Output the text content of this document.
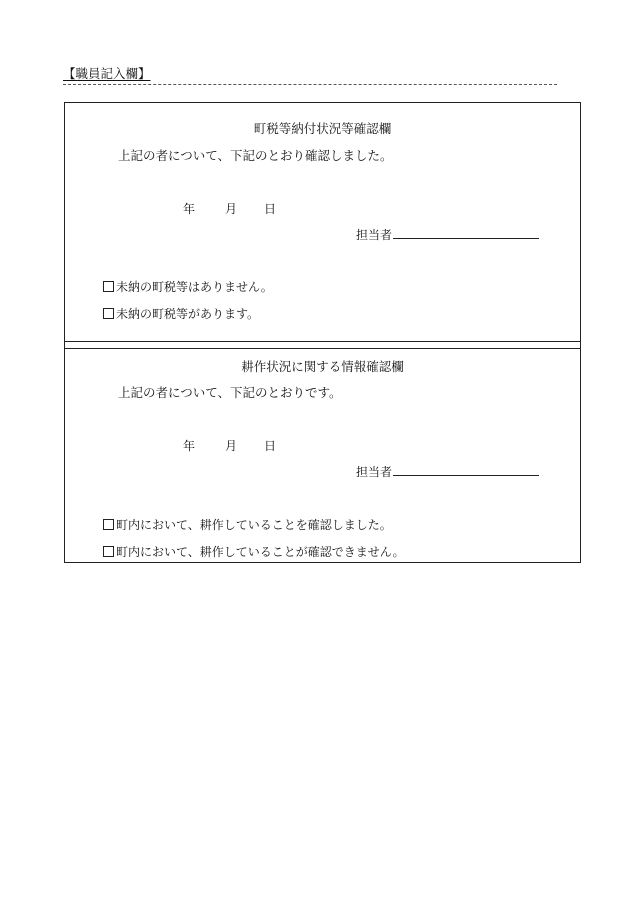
【職員記入欄】
町税等納付状況等確認欄
上記の者について、下記のとおり確認しました。
年 月 日
担当者
未納の町税等はありません。
未納の町税等があります。
耕作状況に関する情報確認欄
上記の者について、下記のとおりです。
年 月 日
担当者
町内において、耕作していることを確認しました。
町内において、耕作していることが確認できません。
